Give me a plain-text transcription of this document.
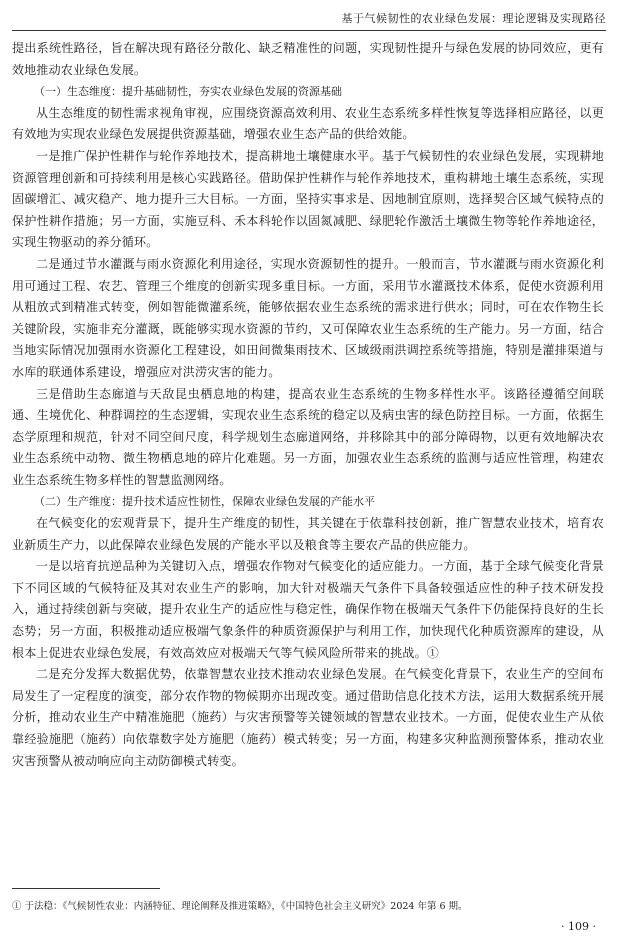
基于气候韧性的农业绿色发展：理论逻辑及实现路径

提出系统性路径，旨在解决现有路径分散化、缺乏精准性的问题，实现韧性提升与绿色发展的协同效应，更有效地推动农业绿色发展。

（一）生态维度：提升基础韧性，夯实农业绿色发展的资源基础

从生态维度的韧性需求视角审视，应围绕资源高效利用、农业生态系统多样性恢复等选择相应路径，以更有效地为实现农业绿色发展提供资源基础，增强农业生态产品的供给效能。

一是推广保护性耕作与轮作养地技术，提高耕地土壤健康水平。基于气候韧性的农业绿色发展，实现耕地资源管理创新和可持续利用是核心实践路径。借助保护性耕作与轮作养地技术，重构耕地土壤生态系统，实现固碳增汇、减灾稳产、地力提升三大目标。一方面，坚持实事求是、因地制宜原则，选择契合区域气候特点的保护性耕作措施；另一方面，实施豆科、禾本科轮作以固氮减肥、绿肥轮作激活土壤微生物等轮作养地途径，实现生物驱动的养分循环。

二是通过节水灌溉与雨水资源化利用途径，实现水资源韧性的提升。一般而言，节水灌溉与雨水资源化利用可通过工程、农艺、管理三个维度的创新实现多重目标。一方面，采用节水灌溉技术体系，促使水资源利用从粗放式到精准式转变，例如智能微灌系统，能够依据农业生态系统的需求进行供水；同时，可在农作物生长关键阶段，实施非充分灌溉，既能够实现水资源的节约，又可保障农业生态系统的生产能力。另一方面，结合当地实际情况加强雨水资源化工程建设，如田间微集雨技术、区域级雨洪调控系统等措施，特别是灌排渠道与水库的联通体系建设，增强应对洪涝灾害的能力。

三是借助生态廊道与天敌昆虫栖息地的构建，提高农业生态系统的生物多样性水平。该路径遵循空间联通、生境优化、种群调控的生态逻辑，实现农业生态系统的稳定以及病虫害的绿色防控目标。一方面，依据生态学原理和规范，针对不同空间尺度，科学规划生态廊道网络，并移除其中的部分障碍物，以更有效地解决农业生态系统中动物、微生物栖息地的碎片化难题。另一方面，加强农业生态系统的监测与适应性管理，构建农业生态系统生物多样性的智慧监测网络。

（二）生产维度：提升技术适应性韧性，保障农业绿色发展的产能水平

在气候变化的宏观背景下，提升生产维度的韧性，其关键在于依靠科技创新，推广智慧农业技术，培育农业新质生产力，以此保障农业绿色发展的产能水平以及粮食等主要农产品的供应能力。

一是以培育抗逆品种为关键切入点，增强农作物对气候变化的适应能力。一方面，基于全球气候变化背景下不同区域的气候特征及其对农业生产的影响，加大针对极端天气条件下具备较强适应性的种子技术研发投入，通过持续创新与突破，提升农业生产的适应性与稳定性，确保作物在极端天气条件下仍能保持良好的生长态势；另一方面，积极推动适应极端气象条件的种质资源保护与利用工作，加快现代化种质资源库的建设，从根本上促进农业绿色发展，有效高效应对极端天气等气候风险所带来的挑战。①

二是充分发挥大数据优势，依靠智慧农业技术推动农业绿色发展。在气候变化背景下，农业生产的空间布局发生了一定程度的演变，部分农作物的物候期亦出现改变。通过借助信息化技术方法，运用大数据系统开展分析，推动农业生产中精准施肥（施药）与灾害预警等关键领域的智慧农业技术。一方面，促使农业生产从依靠经验施肥（施药）向依靠数字处方施肥（施药）模式转变；另一方面，构建多灾种监测预警体系，推动农业灾害预警从被动响应向主动防御模式转变。

① 于法稳：《气候韧性农业：内涵特征、理论阐释及推进策略》，《中国特色社会主义研究》2024 年第 6 期。
· 109 ·
